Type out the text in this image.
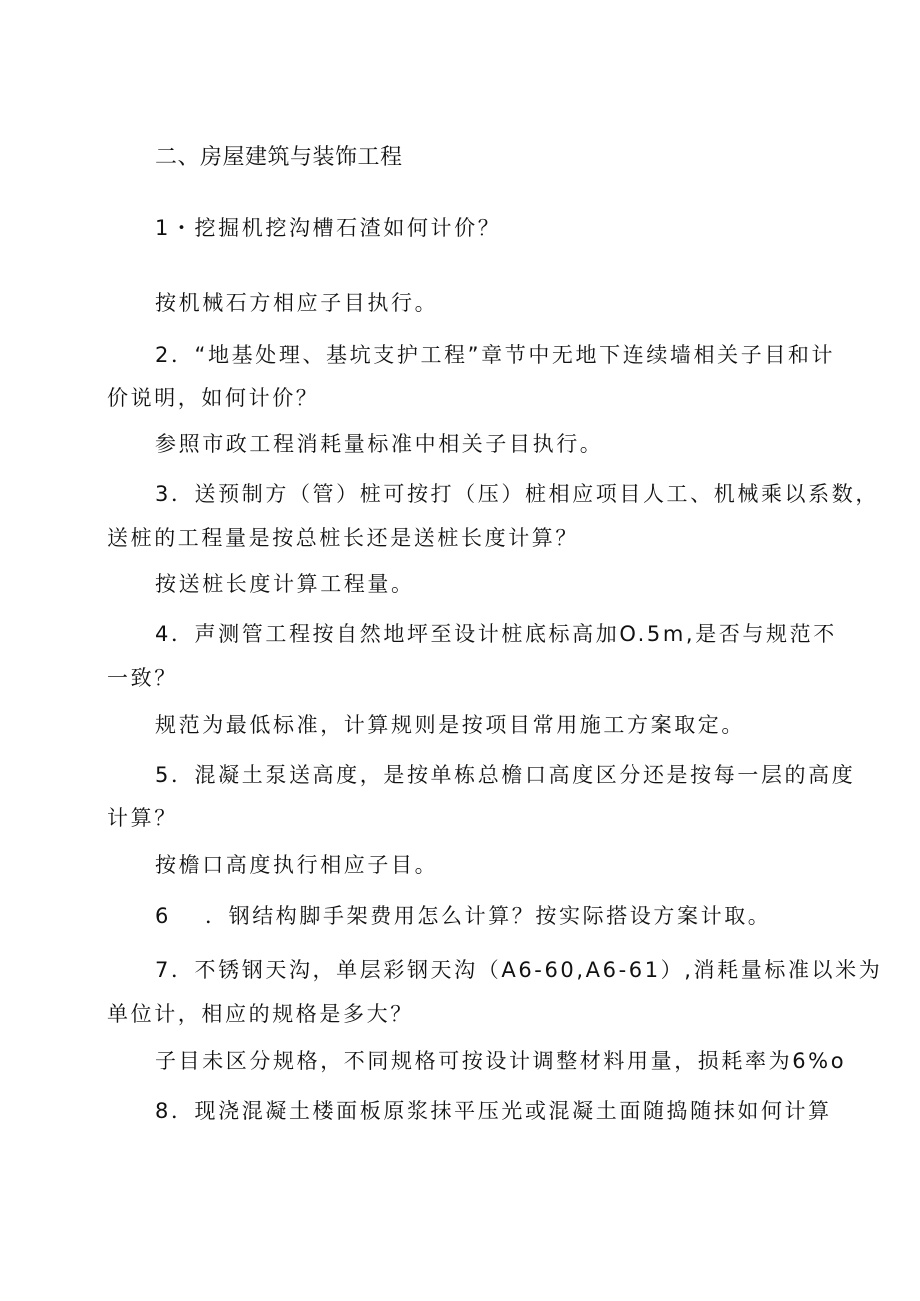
二、房屋建筑与装饰工程
1・挖掘机挖沟槽石渣如何计价？
按机械石方相应子目执行。
2．“地基处理、基坑支护工程”章节中无地下连续墙相关子目和计
价说明，如何计价？
参照市政工程消耗量标准中相关子目执行。
3．送预制方（管）桩可按打（压）桩相应项目人工、机械乘以系数，
送桩的工程量是按总桩长还是送桩长度计算？
按送桩长度计算工程量。
4．声测管工程按自然地坪至设计桩底标高加O.5m,是否与规范不
一致？
规范为最低标准，计算规则是按项目常用施工方案取定。
5．混凝土泵送高度，是按单栋总檐口高度区分还是按每一层的高度
计算？
按檐口高度执行相应子目。
6 ．钢结构脚手架费用怎么计算？按实际搭设方案计取。
7．不锈钢天沟，单层彩钢天沟（A6-60,A6-61）,消耗量标准以米为
单位计，相应的规格是多大？
子目未区分规格，不同规格可按设计调整材料用量，损耗率为6%o
8．现浇混凝土楼面板原浆抹平压光或混凝土面随捣随抹如何计算
